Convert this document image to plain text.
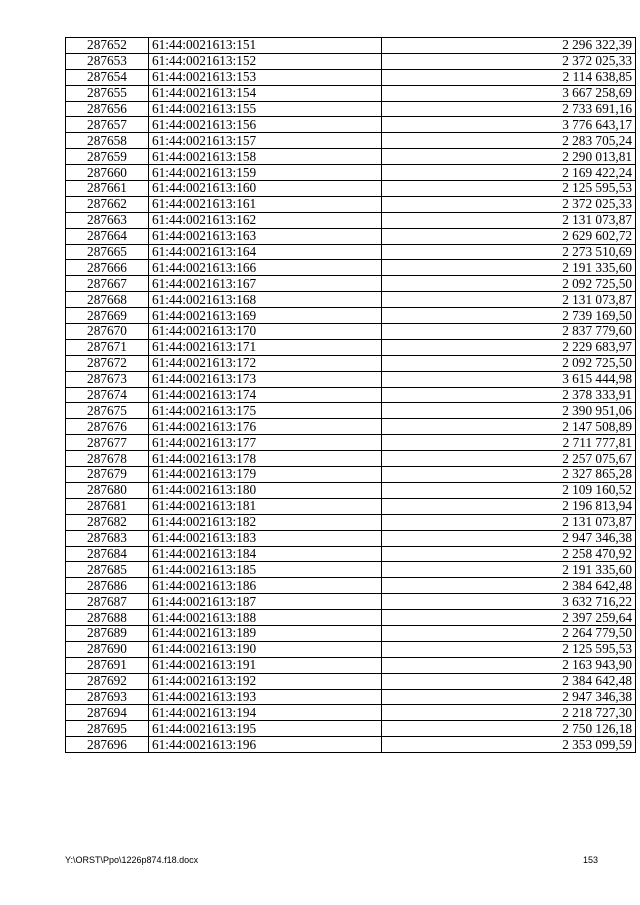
287652	61:44:0021613:151	2 296 322,39
287653	61:44:0021613:152	2 372 025,33
287654	61:44:0021613:153	2 114 638,85
287655	61:44:0021613:154	3 667 258,69
287656	61:44:0021613:155	2 733 691,16
287657	61:44:0021613:156	3 776 643,17
287658	61:44:0021613:157	2 283 705,24
287659	61:44:0021613:158	2 290 013,81
287660	61:44:0021613:159	2 169 422,24
287661	61:44:0021613:160	2 125 595,53
287662	61:44:0021613:161	2 372 025,33
287663	61:44:0021613:162	2 131 073,87
287664	61:44:0021613:163	2 629 602,72
287665	61:44:0021613:164	2 273 510,69
287666	61:44:0021613:166	2 191 335,60
287667	61:44:0021613:167	2 092 725,50
287668	61:44:0021613:168	2 131 073,87
287669	61:44:0021613:169	2 739 169,50
287670	61:44:0021613:170	2 837 779,60
287671	61:44:0021613:171	2 229 683,97
287672	61:44:0021613:172	2 092 725,50
287673	61:44:0021613:173	3 615 444,98
287674	61:44:0021613:174	2 378 333,91
287675	61:44:0021613:175	2 390 951,06
287676	61:44:0021613:176	2 147 508,89
287677	61:44:0021613:177	2 711 777,81
287678	61:44:0021613:178	2 257 075,67
287679	61:44:0021613:179	2 327 865,28
287680	61:44:0021613:180	2 109 160,52
287681	61:44:0021613:181	2 196 813,94
287682	61:44:0021613:182	2 131 073,87
287683	61:44:0021613:183	2 947 346,38
287684	61:44:0021613:184	2 258 470,92
287685	61:44:0021613:185	2 191 335,60
287686	61:44:0021613:186	2 384 642,48
287687	61:44:0021613:187	3 632 716,22
287688	61:44:0021613:188	2 397 259,64
287689	61:44:0021613:189	2 264 779,50
287690	61:44:0021613:190	2 125 595,53
287691	61:44:0021613:191	2 163 943,90
287692	61:44:0021613:192	2 384 642,48
287693	61:44:0021613:193	2 947 346,38
287694	61:44:0021613:194	2 218 727,30
287695	61:44:0021613:195	2 750 126,18
287696	61:44:0021613:196	2 353 099,59
Y:\ORST\Ppo\1226p874.f18.docx	153
